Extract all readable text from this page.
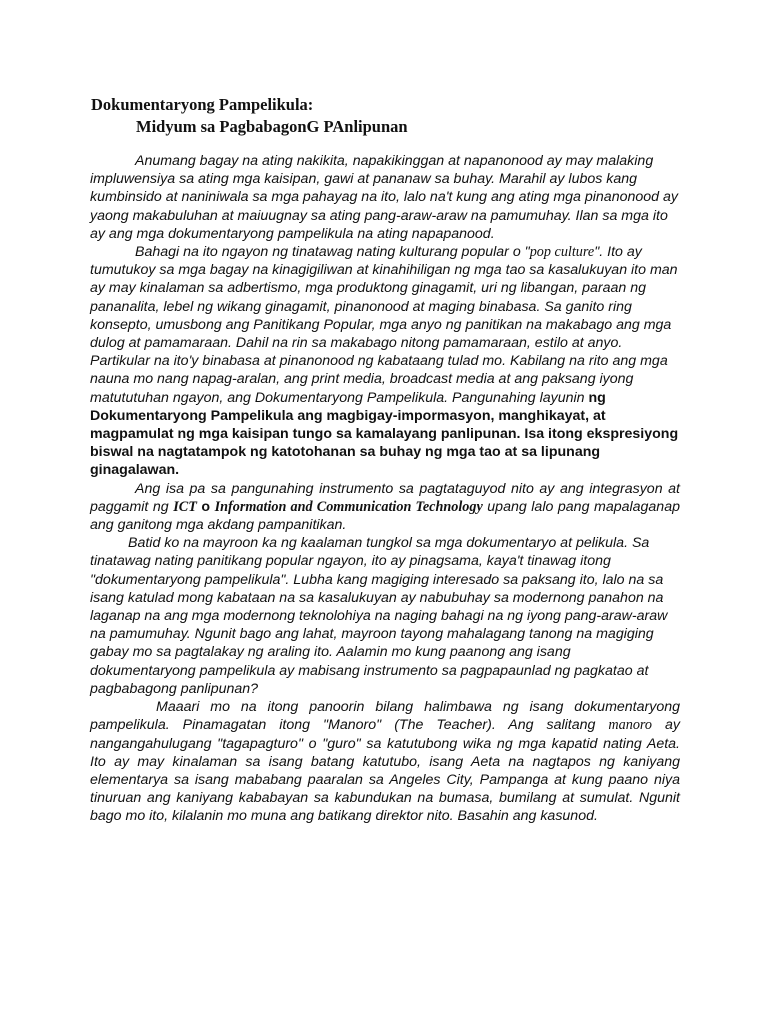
Dokumentaryong Pampelikula:
Midyum sa PagbabagonG PAnlipunan

Anumang bagay na ating nakikita, napakikinggan at napanonood ay may malaking impluwensiya sa ating mga kaisipan, gawi at pananaw sa buhay. Marahil ay lubos kang kumbinsido at naniniwala sa mga pahayag na ito, lalo na't kung ang ating mga pinanonood ay yaong makabuluhan at maiuugnay sa ating pang-araw-araw na pamumuhay. Ilan sa mga ito ay ang mga dokumentaryong pampelikula na ating napapanood.

Bahagi na ito ngayon ng tinatawag nating kulturang popular o "pop culture". Ito ay tumutukoy sa mga bagay na kinagigiliwan at kinahihiligan ng mga tao sa kasalukuyan ito man ay may kinalaman sa adbertismo, mga produktong ginagamit, uri ng libangan, paraan ng pananalita, lebel ng wikang ginagamit, pinanonood at maging binabasa. Sa ganito ring konsepto, umusbong ang Panitikang Popular, mga anyo ng panitikan na makabago ang mga dulog at pamamaraan. Dahil na rin sa makabago nitong pamamaraan, estilo at anyo. Partikular na ito'y binabasa at pinanonood ng kabataang tulad mo. Kabilang na rito ang mga nauna mo nang napag-aralan, ang print media, broadcast media at ang paksang iyong matututuhan ngayon, ang Dokumentaryong Pampelikula. Pangunahing layunin ng Dokumentaryong Pampelikula ang magbigay-impormasyon, manghikayat, at magpamulat ng mga kaisipan tungo sa kamalayang panlipunan. Isa itong ekspresiyong biswal na nagtatampok ng katotohanan sa buhay ng mga tao at sa lipunang ginagalawan.

Ang isa pa sa pangunahing instrumento sa pagtataguyod nito ay ang integrasyon at paggamit ng ICT o Information and Communication Technology upang lalo pang mapalaganap ang ganitong mga akdang pampanitikan.

Batid ko na mayroon ka ng kaalaman tungkol sa mga dokumentaryo at pelikula. Sa tinatawag nating panitikang popular ngayon, ito ay pinagsama, kaya't tinawag itong "dokumentaryong pampelikula". Lubha kang magiging interesado sa paksang ito, lalo na sa isang katulad mong kabataan na sa kasalukuyan ay nabubuhay sa modernong panahon na laganap na ang mga modernong teknolohiya na naging bahagi na ng iyong pang-araw-araw na pamumuhay. Ngunit bago ang lahat, mayroon tayong mahalagang tanong na magiging gabay mo sa pagtalakay ng araling ito. Aalamin mo kung paanong ang isang dokumentaryong pampelikula ay mabisang instrumento sa pagpapaunlad ng pagkatao at pagbabagong panlipunan?

Maaari mo na itong panoorin bilang halimbawa ng isang dokumentaryong pampelikula. Pinamagatan itong "Manoro" (The Teacher). Ang salitang manoro ay nangangahulugang "tagapagturo" o "guro" sa katutubong wika ng mga kapatid nating Aeta. Ito ay may kinalaman sa isang batang katutubo, isang Aeta na nagtapos ng kaniyang elementarya sa isang mababang paaralan sa Angeles City, Pampanga at kung paano niya tinuruan ang kaniyang kababayan sa kabundukan na bumasa, bumilang at sumulat. Ngunit bago mo ito, kilalanin mo muna ang batikang direktor nito. Basahin ang kasunod.
